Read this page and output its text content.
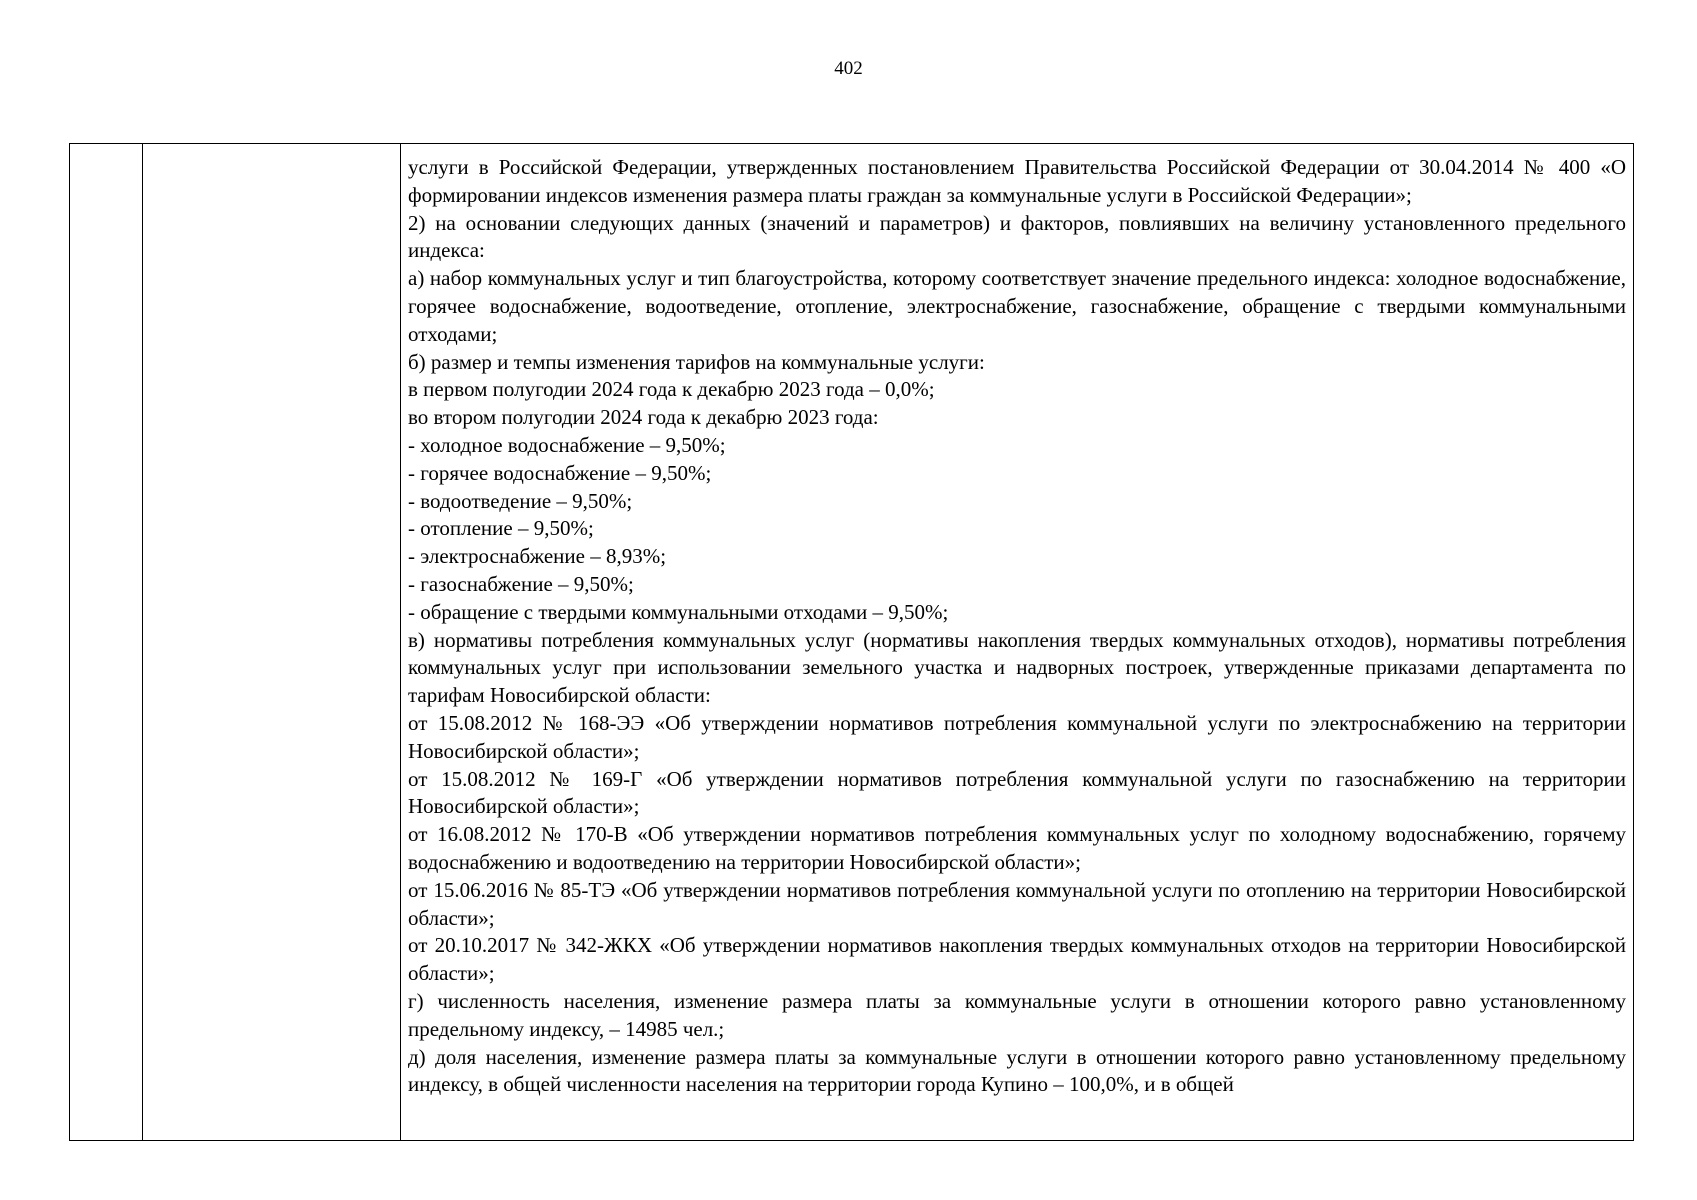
402

услуги в Российской Федерации, утвержденных постановлением Правительства Российской Федерации от 30.04.2014 № 400 «О формировании индексов изменения размера платы граждан за коммунальные услуги в Российской Федерации»;

2) на основании следующих данных (значений и параметров) и факторов, повлиявших на величину установленного предельного индекса:

а) набор коммунальных услуг и тип благоустройства, которому соответствует значение предельного индекса: холодное водоснабжение, горячее водоснабжение, водоотведение, отопление, электроснабжение, газоснабжение, обращение с твердыми коммунальными отходами;

б) размер и темпы изменения тарифов на коммунальные услуги:

в первом полугодии 2024 года к декабрю 2023 года – 0,0%;

во втором полугодии 2024 года к декабрю 2023 года:

- холодное водоснабжение – 9,50%;

- горячее водоснабжение – 9,50%;

- водоотведение – 9,50%;

- отопление – 9,50%;

- электроснабжение – 8,93%;

- газоснабжение – 9,50%;

- обращение с твердыми коммунальными отходами – 9,50%;

в) нормативы потребления коммунальных услуг (нормативы накопления твердых коммунальных отходов), нормативы потребления коммунальных услуг при использовании земельного участка и надворных построек, утвержденные приказами департамента по тарифам Новосибирской области:

от 15.08.2012 № 168-ЭЭ «Об утверждении нормативов потребления коммунальной услуги по электроснабжению на территории Новосибирской области»;

от 15.08.2012 № 169-Г «Об утверждении нормативов потребления коммунальной услуги по газоснабжению на территории Новосибирской области»;

от 16.08.2012 № 170-В «Об утверждении нормативов потребления коммунальных услуг по холодному водоснабжению, горячему водоснабжению и водоотведению на территории Новосибирской области»;

от 15.06.2016 № 85-ТЭ «Об утверждении нормативов потребления коммунальной услуги по отоплению на территории Новосибирской области»;

от 20.10.2017 № 342-ЖКХ «Об утверждении нормативов накопления твердых коммунальных отходов на территории Новосибирской области»;

г) численность населения, изменение размера платы за коммунальные услуги в отношении которого равно установленному предельному индексу, – 14985 чел.;

д) доля населения, изменение размера платы за коммунальные услуги в отношении которого равно установленному предельному индексу, в общей численности населения на территории города Купино – 100,0%, и в общей
